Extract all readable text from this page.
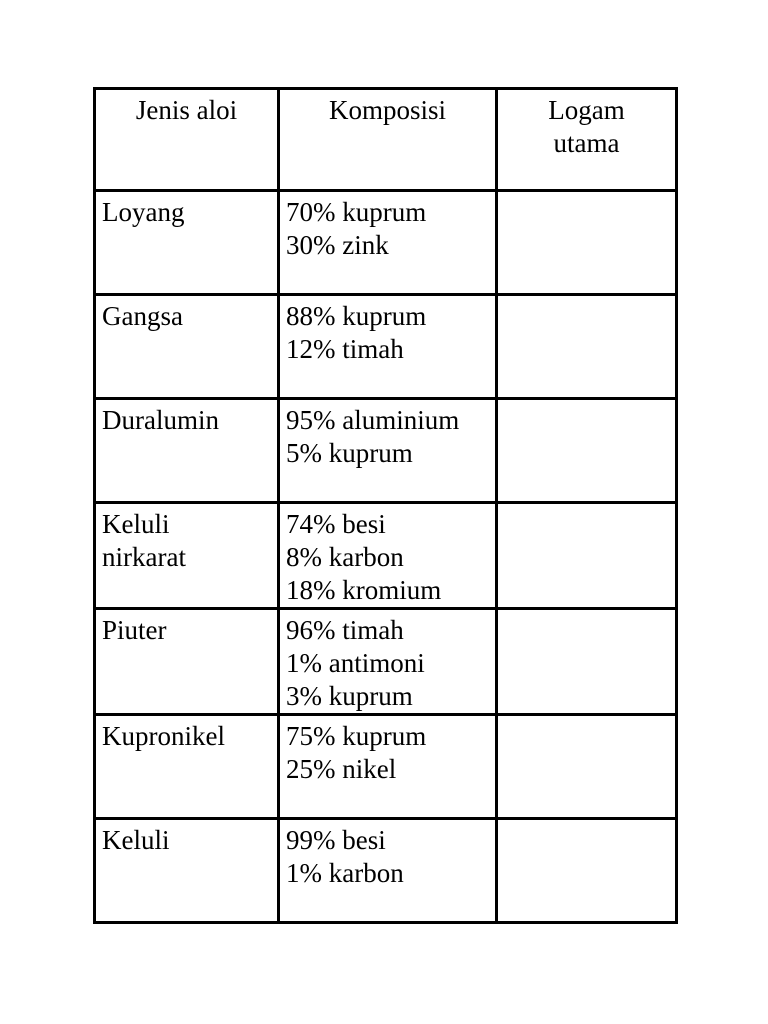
Jenis aloi	Komposisi	Logam
utama

Loyang	70% kuprum
30% zink	

Gangsa	88% kuprum
12% timah	

Duralumin	95% aluminium
5% kuprum	

Keluli
nirkarat	74% besi
8% karbon
18% kromium	

Piuter	96% timah
1% antimoni
3% kuprum	

Kupronikel	75% kuprum
25% nikel	

Keluli	99% besi
1% karbon	
